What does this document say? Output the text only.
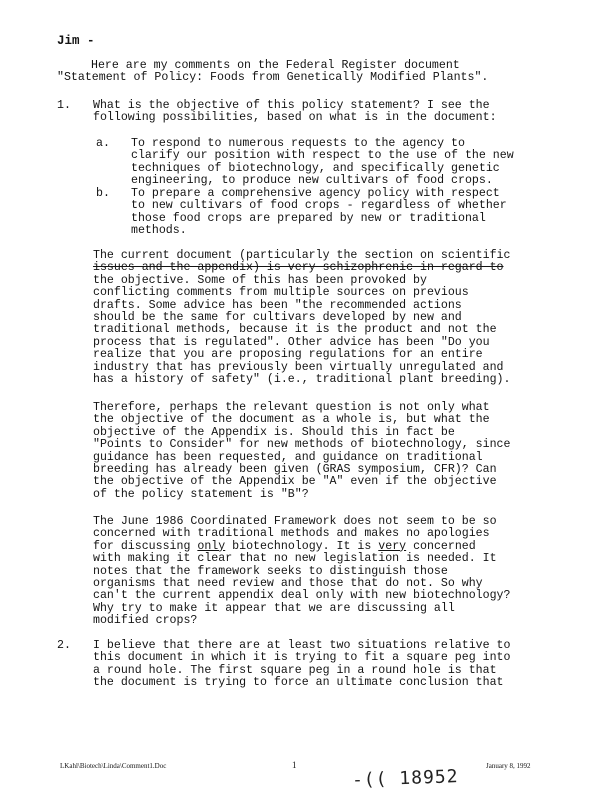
Jim -
Here are my comments on the Federal Register document
"Statement of Policy: Foods from Genetically Modified Plants".
1. What is the objective of this policy statement? I see the
following possibilities, based on what is in the document:
a. To respond to numerous requests to the agency to
clarify our position with respect to the use of the new
techniques of biotechnology, and specifically genetic
engineering, to produce new cultivars of food crops.
b. To prepare a comprehensive agency policy with respect
to new cultivars of food crops - regardless of whether
those food crops are prepared by new or traditional
methods.
The current document (particularly the section on scientific
issues and the appendix) is very schizophrenic in regard to
the objective. Some of this has been provoked by
conflicting comments from multiple sources on previous
drafts. Some advice has been "the recommended actions
should be the same for cultivars developed by new and
traditional methods, because it is the product and not the
process that is regulated". Other advice has been "Do you
realize that you are proposing regulations for an entire
industry that has previously been virtually unregulated and
has a history of safety" (i.e., traditional plant breeding).
Therefore, perhaps the relevant question is not only what
the objective of the document as a whole is, but what the
objective of the Appendix is. Should this in fact be
"Points to Consider" for new methods of biotechnology, since
guidance has been requested, and guidance on traditional
breeding has already been given (GRAS symposium, CFR)? Can
the objective of the Appendix be "A" even if the objective
of the policy statement is "B"?
The June 1986 Coordinated Framework does not seem to be so
concerned with traditional methods and makes no apologies
for discussing only biotechnology. It is very concerned
with making it clear that no new legislation is needed. It
notes that the framework seeks to distinguish those
organisms that need review and those that do not. So why
can't the current appendix deal only with new biotechnology?
Why try to make it appear that we are discussing all
modified crops?
2. I believe that there are at least two situations relative to
this document in which it is trying to fit a square peg into
a round hole. The first square peg in a round hole is that
the document is trying to force an ultimate conclusion that
LKahl\Biotech\Linda\Comment1.Doc	1	January 8, 1992
-(( 18952
